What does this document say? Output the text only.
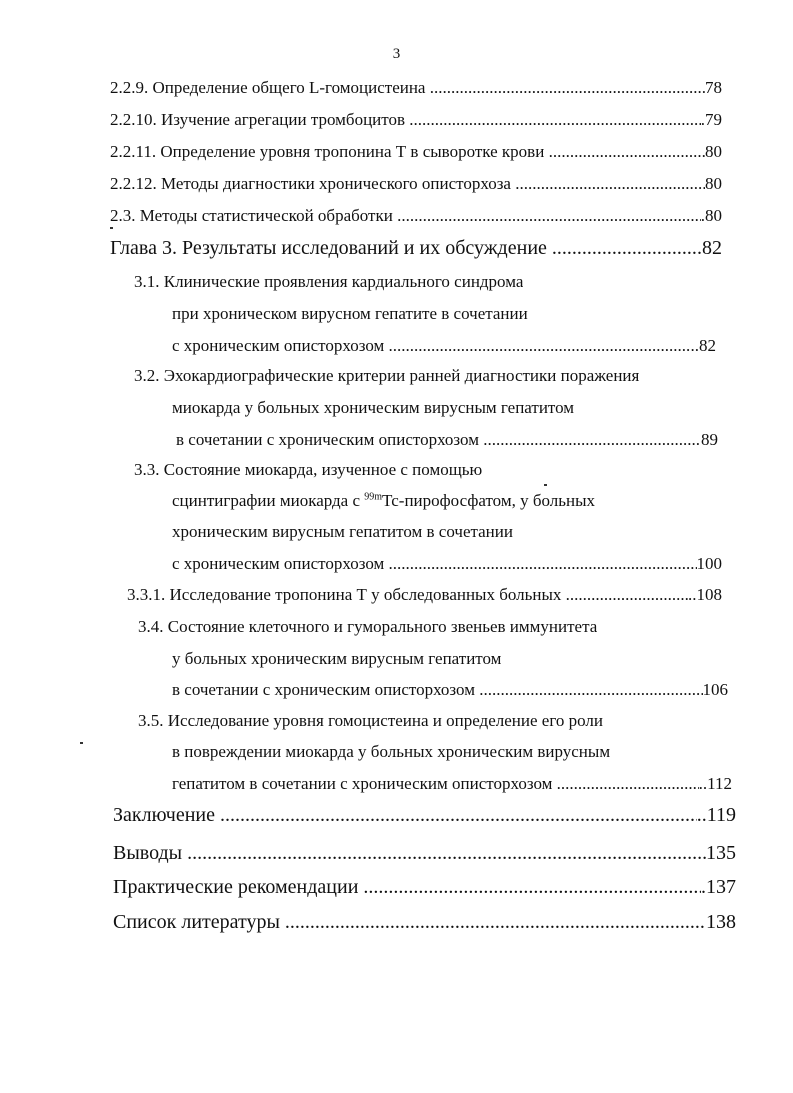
3
2.2.9. Определение общего L-гомоцистеина .....	78
2.2.10. Изучение агрегации тромбоцитов .....	.79
2.2.11. Определение уровня тропонина Т в сыворотке крови .....	80
2.2.12. Методы диагностики хронического описторхоза .....	80
2.3. Методы статистической обработки .....	.80
Глава 3. Результаты исследований и их обсуждение .....	.82
3.1. Клинические проявления кардиального синдрома
при хроническом вирусном гепатите в сочетании
с хроническим описторхозом .....	..82
3.2. Эхокардиографические критерии ранней диагностики поражения
миокарда у больных хроническим вирусным гепатитом
в сочетании с хроническим описторхозом .....	89
3.3. Состояние миокарда, изученное с помощью
сцинтиграфии миокарда с $^{99m}$Tc-пирофосфатом, у больных
хроническим вирусным гепатитом в сочетании
с хроническим описторхозом .....	100
3.3.1. Исследование тропонина Т у обследованных больных .....	..108
3.4. Состояние клеточного и гуморального звеньев иммунитета
у больных хроническим вирусным гепатитом
в сочетании с хроническим описторхозом .....	106
3.5. Исследование уровня гомоцистеина и определение его роли
в повреждении миокарда у больных хроническим вирусным
гепатитом в сочетании с хроническим описторхозом .....	..112
Заключение .....	..119
Выводы .....	135
Практические рекомендации .....	.137
Список литературы .....	138
